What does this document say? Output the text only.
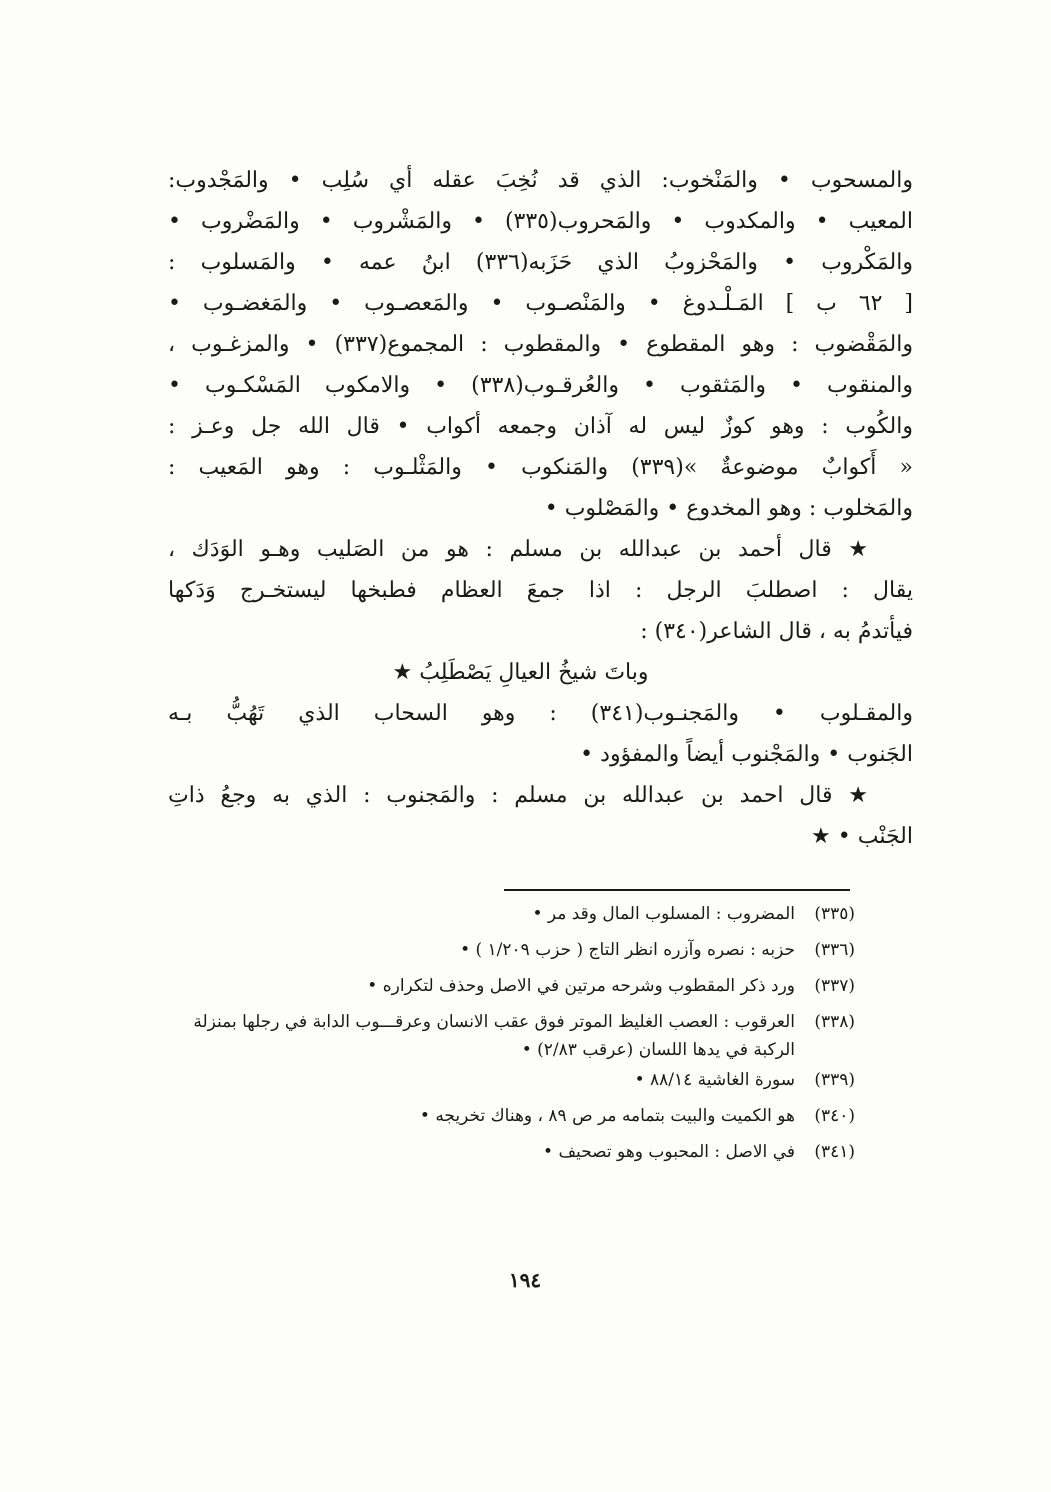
والمسحوب • والمَنْخوب: الذي قد نُخِبَ عقله أي سُلِب • والمَجْدوب:
المعيب • والمكدوب • والمَحروب(٣٣٥) • والمَشْروب • والمَضْروب •
والمَكْروب • والمَحْزوبُ الذي حَزَبه(٣٣٦) ابنُ عمه • والمَسلوب :
[ ٦٢ ب ] المَـلْـدوغ • والمَنْصـوب • والمَعصـوب • والمَغضـوب •
والمَقْضوب : وهو المقطوع • والمقطوب : المجموع(٣٣٧) • والمزغـوب ،
والمنقوب • والمَثقوب • والعُرقـوب(٣٣٨) • والامكوب المَسْكـوب •
والكُوب : وهو كوزٌ ليس له آذان وجمعه أكواب • قال الله جل وعـز :
« أَكوابٌ موضوعةٌ »(٣٣٩) والمَنكوب • والمَثْلـوب : وهو المَعيب :
والمَخلوب : وهو المخدوع • والمَصْلوب •
★ قال أحمد بن عبدالله بن مسلم : هو من الصَليب وهـو الوَدَك ،
يقال : اصطلبَ الرجل : اذا جمعَ العظام فطبخها ليستخـرج وَدَكها
فيأتدمُ به ، قال الشاعر(٣٤٠) :
وباتَ شيخُ العيالِ يَصْطَلِبُ ★
والمقـلوب • والمَجنـوب(٣٤١) : وهو السحاب الذي تَهُبُّ بـه
الجَنوب • والمَجْنوب أيضاً والمفؤود •
★ قال احمد بن عبدالله بن مسلم : والمَجنوب : الذي به وجعُ ذاتِ
الجَنْب • ★
(٣٣٥)
المضروب : المسلوب المال وقد مر •
(٣٣٦)
حزبه : نصره وآزره انظر التاج ( حزب ١/٢٠٩ ) •
(٣٣٧)
ورد ذكر المقطوب وشرحه مرتين في الاصل وحذف لتكراره •
(٣٣٨)
العرقوب : العصب الغليظ الموتر فوق عقب الانسان وعرقـــوب الدابة في رجلها بمنزلة الركبة في يدها اللسان (عرقب ٢/٨٣) •
(٣٣٩)
سورة الغاشية ٨٨/١٤ •
(٣٤٠)
هو الكميت والبيت بتمامه مر ص ٨٩ ، وهناك تخريجه •
(٣٤١)
في الاصل : المحبوب وهو تصحيف •
١٩٤
